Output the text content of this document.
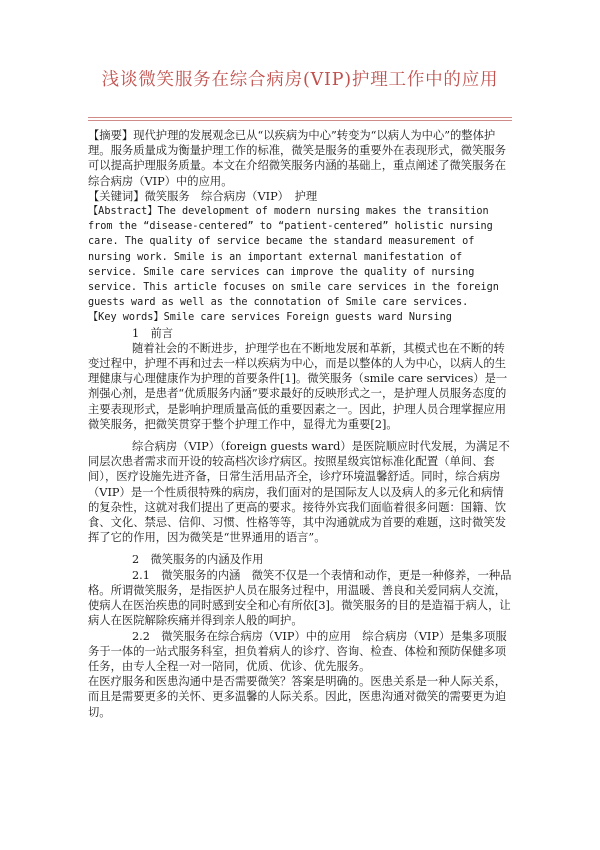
浅谈微笑服务在综合病房(VIP)护理工作中的应用

【摘要】现代护理的发展观念已从“以疾病为中心”转变为“以病人为中心”的整体护理。服务质量成为衡量护理工作的标准，微笑是服务的重要外在表现形式，微笑服务可以提高护理服务质量。本文在介绍微笑服务内涵的基础上，重点阐述了微笑服务在综合病房（VIP）中的应用。

【关键词】微笑服务　综合病房（VIP）　护理

【Abstract】The development of modern nursing makes the transition from the “disease-centered” to “patient-centered” holistic nursing care. The quality of service became the standard measurement of nursing work. Smile is an important external manifestation of service. Smile care services can improve the quality of nursing service. This article focuses on smile care services in the foreign guests ward as well as the connotation of Smile care services.

【Key words】Smile care services Foreign guests ward Nursing

1　前言

随着社会的不断进步，护理学也在不断地发展和革新，其模式也在不断的转变过程中，护理不再和过去一样以疾病为中心，而是以整体的人为中心，以病人的生理健康与心理健康作为护理的首要条件[1]。微笑服务（smile care services）是一剂强心剂，是患者“优质服务内涵”要求最好的反映形式之一，是护理人员服务态度的主要表现形式，是影响护理质量高低的重要因素之一。因此，护理人员合理掌握应用微笑服务，把微笑贯穿于整个护理工作中，显得尤为重要[2]。

综合病房（VIP）（foreign guests ward）是医院顺应时代发展，为满足不同层次患者需求而开设的较高档次诊疗病区。按照星级宾馆标准化配置（单间、套间），医疗设施先进齐备，日常生活用品齐全，诊疗环境温馨舒适。同时，综合病房（VIP）是一个性质很特殊的病房，我们面对的是国际友人以及病人的多元化和病情的复杂性，这就对我们提出了更高的要求。接待外宾我们面临着很多问题：国籍、饮食、文化、禁忌、信仰、习惯、性格等等，其中沟通就成为首要的难题，这时微笑发挥了它的作用，因为微笑是“世界通用的语言”。

2　微笑服务的内涵及作用

2.1　微笑服务的内涵　微笑不仅是一个表情和动作，更是一种修养，一种品格。所谓微笑服务，是指医护人员在服务过程中，用温暖、善良和关爱同病人交流，使病人在医治疾患的同时感到安全和心有所依[3]。微笑服务的目的是造福于病人，让病人在医院解除疾痛并得到亲人般的呵护。

2.2　微笑服务在综合病房（VIP）中的应用　综合病房（VIP）是集多项服务于一体的一站式服务科室，担负着病人的诊疗、咨询、检查、体检和预防保健多项任务，由专人全程一对一陪同，优质、优诊、优先服务。

在医疗服务和医患沟通中是否需要微笑？答案是明确的。医患关系是一种人际关系，而且是需要更多的关怀、更多温馨的人际关系。因此，医患沟通对微笑的需要更为迫切。
